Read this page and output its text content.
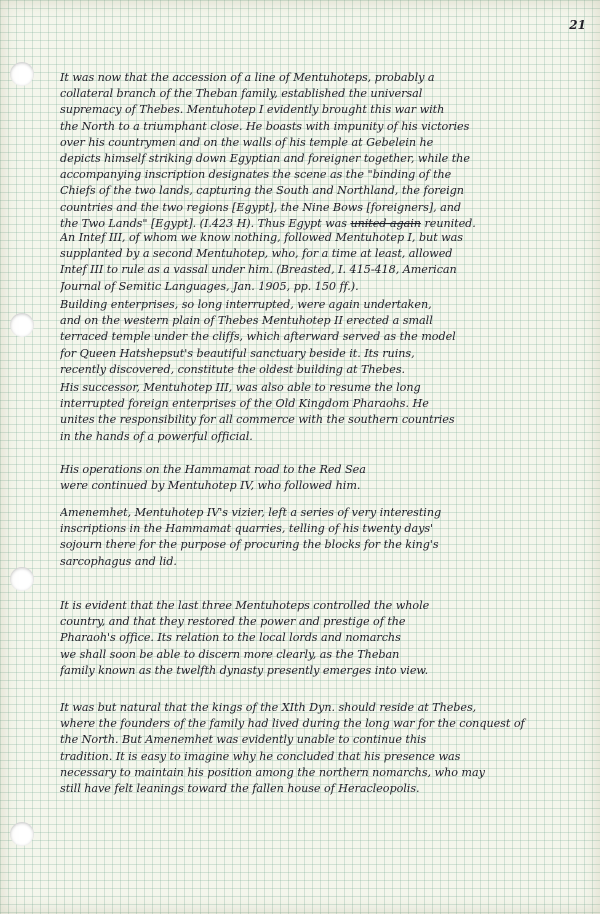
21
It was now that the accession of a line of Mentuhoteps, probably a
collateral branch of the Theban family, established the universal
supremacy of Thebes. Mentuhotep I evidently brought this war with
the North to a triumphant close. He boasts with impunity of his victories
over his countrymen and on the walls of his temple at Gebelein he
depicts himself striking down Egyptian and foreigner together, while the
accompanying inscription designates the scene as the "binding of the
Chiefs of the two lands, capturing the South and Northland, the foreign
countries and the two regions [Egypt], the Nine Bows [foreigners], and
the Two Lands" [Egypt]. (I.423 H). Thus Egypt was united again reunited.
An Intef III, of whom we know nothing, followed Mentuhotep I, but was
supplanted by a second Mentuhotep, who, for a time at least, allowed
Intef III to rule as a vassal under him. (Breasted, I. 415-418, American
Journal of Semitic Languages, Jan. 1905, pp. 150 ff.).
Building enterprises, so long interrupted, were again undertaken,
and on the western plain of Thebes Mentuhotep II erected a small
terraced temple under the cliffs, which afterward served as the model
for Queen Hatshepsut's beautiful sanctuary beside it. Its ruins,
recently discovered, constitute the oldest building at Thebes.
His successor, Mentuhotep III, was also able to resume the long
interrupted foreign enterprises of the Old Kingdom Pharaohs. He
unites the responsibility for all commerce with the southern countries
in the hands of a powerful official.
His operations on the Hammamat road to the Red Sea
were continued by Mentuhotep IV, who followed him.
Amenemhet, Mentuhotep IV's vizier, left a series of very interesting
inscriptions in the Hammamat quarries, telling of his twenty days'
sojourn there for the purpose of procuring the blocks for the king's
sarcophagus and lid.
It is evident that the last three Mentuhoteps controlled the whole
country, and that they restored the power and prestige of the
Pharaoh's office. Its relation to the local lords and nomarchs
we shall soon be able to discern more clearly, as the Theban
family known as the twelfth dynasty presently emerges into view.
It was but natural that the kings of the XIth Dyn. should reside at Thebes,
where the founders of the family had lived during the long war for the conquest of
the North. But Amenemhet was evidently unable to continue this
tradition. It is easy to imagine why he concluded that his presence was
necessary to maintain his position among the northern nomarchs, who may
still have felt leanings toward the fallen house of Heracleopolis.
